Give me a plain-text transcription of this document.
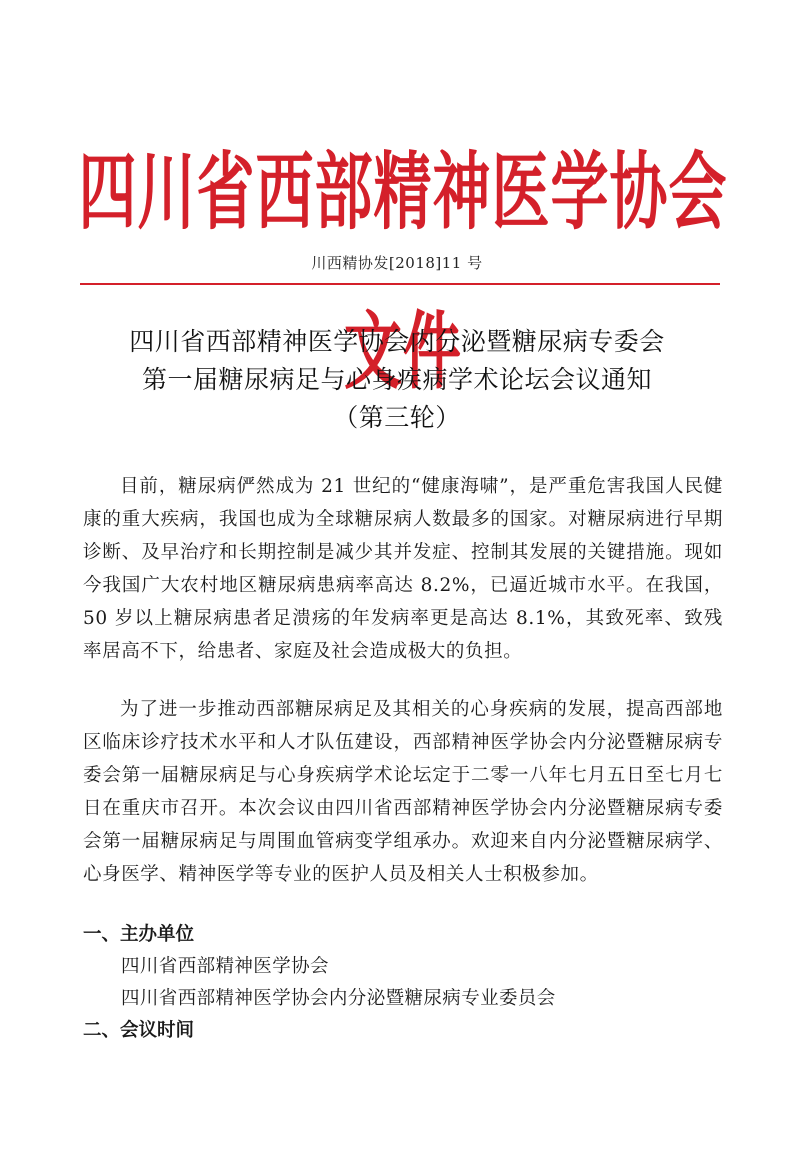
四川省西部精神医学协会文件
川西精协发[2018]11 号
四川省西部精神医学协会内分泌暨糖尿病专委会
第一届糖尿病足与心身疾病学术论坛会议通知
（第三轮）

目前，糖尿病俨然成为 21 世纪的“健康海啸”，是严重危害我国人民健康的重大疾病，我国也成为全球糖尿病人数最多的国家。对糖尿病进行早期诊断、及早治疗和长期控制是减少其并发症、控制其发展的关键措施。现如今我国广大农村地区糖尿病患病率高达 8.2%，已逼近城市水平。在我国，50 岁以上糖尿病患者足溃疡的年发病率更是高达 8.1%，其致死率、致残率居高不下，给患者、家庭及社会造成极大的负担。

为了进一步推动西部糖尿病足及其相关的心身疾病的发展，提高西部地区临床诊疗技术水平和人才队伍建设，西部精神医学协会内分泌暨糖尿病专委会第一届糖尿病足与心身疾病学术论坛定于二零一八年七月五日至七月七日在重庆市召开。本次会议由四川省西部精神医学协会内分泌暨糖尿病专委会第一届糖尿病足与周围血管病变学组承办。欢迎来自内分泌暨糖尿病学、心身医学、精神医学等专业的医护人员及相关人士积极参加。

一、主办单位
四川省西部精神医学协会
四川省西部精神医学协会内分泌暨糖尿病专业委员会
二、会议时间
